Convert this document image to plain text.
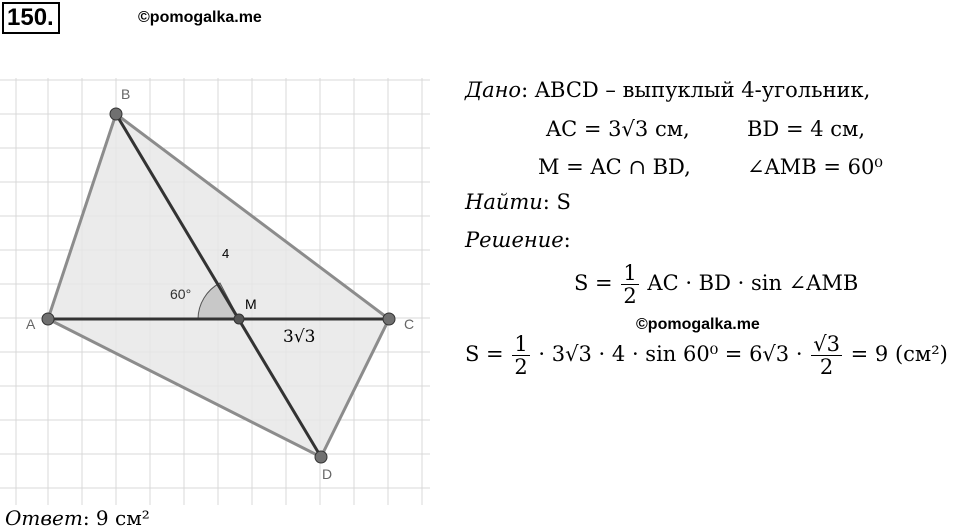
150.	©pomogalka.me
A
B
C
D
M
4
60°
3√3
Дано: ABCD – выпуклый 4-угольник,
AC = 3√3 см,	BD = 4 см,
M = AC ∩ BD,	∠AMB = 60⁰
Найти: S
Решение:
$S = \frac{1}{2}$ AC · BD · sin ∠AMB
©pomogalka.me
$S = \frac{1}{2} \cdot 3√3 \cdot 4 \cdot \sin 60^0 = 6√3 \cdot \frac{√3}{2} = 9$ (см²)
Ответ: 9 см²
